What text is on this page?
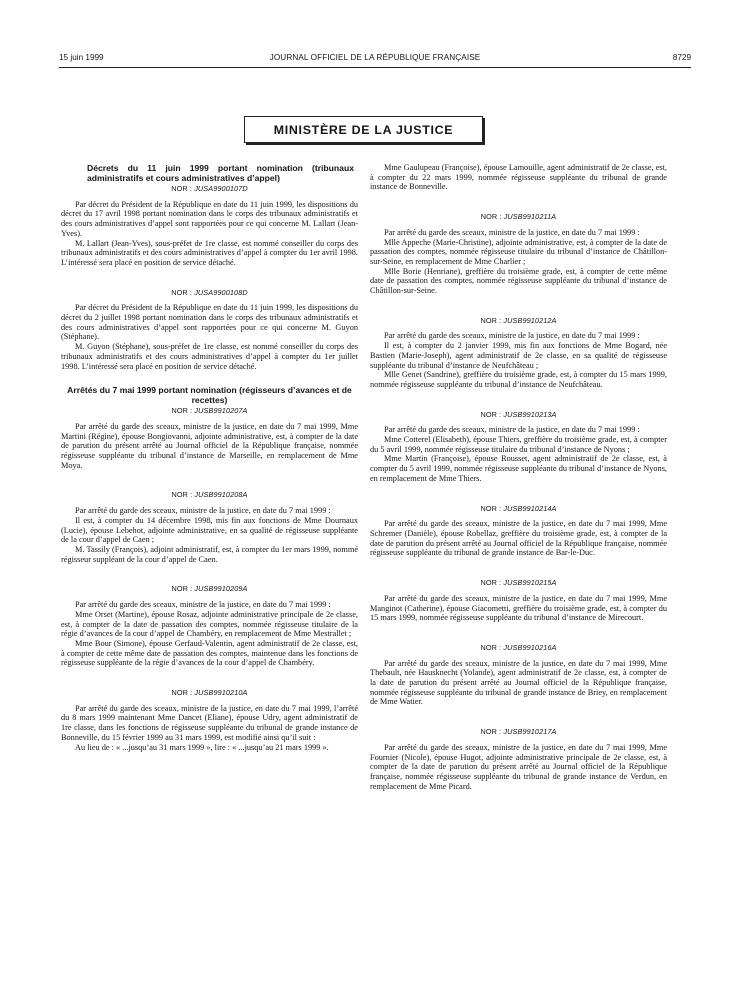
15 juin 1999	JOURNAL OFFICIEL DE LA RÉPUBLIQUE FRANÇAISE	8729
MINISTÈRE DE LA JUSTICE
Décrets du 11 juin 1999 portant nomination (tribunaux administratifs et cours administratives d’appel)
NOR : JUSA9900107D

Par décret du Président de la République en date du 11 juin 1999, les dispositions du décret du 17 avril 1998 portant nomination dans le corps des tribunaux administratifs et des cours administratives d’appel sont rapportées pour ce qui concerne M. Lallart (Jean-Yves).

M. Lallart (Jean-Yves), sous-préfet de 1re classe, est nommé conseiller du corps des tribunaux administratifs et des cours administratives d’appel à compter du 1er avril 1998. L’intéressé sera placé en position de service détaché.

NOR : JUSA9900108D

Par décret du Président de la République en date du 11 juin 1999, les dispositions du décret du 2 juillet 1998 portant nomination dans le corps des tribunaux administratifs et des cours administratives d’appel sont rapportées pour ce qui concerne M. Guyon (Stéphane).

M. Guyon (Stéphane), sous-préfet de 1re classe, est nommé conseiller du corps des tribunaux administratifs et des cours administratives d’appel à compter du 1er juillet 1998. L’intéressé sera placé en position de service détaché.

Arrêtés du 7 mai 1999 portant nomination (régisseurs d’avances et de recettes)
NOR : JUSB9910207A

Par arrêté du garde des sceaux, ministre de la justice, en date du 7 mai 1999, Mme Martini (Régine), épouse Bongiovanni, adjointe administrative, est, à compter de la date de parution du présent arrêté au Journal officiel de la République française, nommée régisseuse suppléante du tribunal d’instance de Marseille, en remplacement de Mme Moya.

NOR : JUSB9910208A

Par arrêté du garde des sceaux, ministre de la justice, en date du 7 mai 1999 :

Il est, à compter du 14 décembre 1998, mis fin aux fonctions de Mme Dournaux (Lucie), épouse Lebehot, adjointe administrative, en sa qualité de régisseuse suppléante de la cour d’appel de Caen ;

M. Tassily (François), adjoint administratif, est, à compter du 1er mars 1999, nommé régisseur suppléant de la cour d’appel de Caen.

NOR : JUSB9910209A

Par arrêté du garde des sceaux, ministre de la justice, en date du 7 mai 1999 :

Mme Orset (Martine), épouse Rosaz, adjointe administrative principale de 2e classe, est, à compter de la date de passation des comptes, nommée régisseuse titulaire de la régie d’avances de la cour d’appel de Chambéry, en remplacement de Mme Mestrallet ;

Mme Bour (Simone), épouse Gerfaud-Valentin, agent administratif de 2e classe, est, à compter de cette même date de passation des comptes, maintenue dans les fonctions de régisseuse suppléante de la régie d’avances de la cour d’appel de Chambéry.

NOR : JUSB9910210A

Par arrêté du garde des sceaux, ministre de la justice, en date du 7 mai 1999, l’arrêté du 8 mars 1999 maintenant Mme Dancet (Eliane), épouse Udry, agent administratif de 1re classe, dans les fonctions de régisseuse suppléante du tribunal de grande instance de Bonneville, du 15 février 1999 au 31 mars 1999, est modifié ainsi qu’il suit :

Au lieu de : « ...jusqu’au 31 mars 1999 », lire : « ...jusqu’au 21 mars 1999 ».

Mme Gaulupeau (Françoise), épouse Lamouille, agent administratif de 2e classe, est, à compter du 22 mars 1999, nommée régisseuse suppléante du tribunal de grande instance de Bonneville.

NOR : JUSB9910211A

Par arrêté du garde des sceaux, ministre de la justice, en date du 7 mai 1999 :

Mlle Appeche (Marie-Christine), adjointe administrative, est, à compter de la date de passation des comptes, nommée régisseuse titulaire du tribunal d’instance de Châtillon-sur-Seine, en remplacement de Mme Charlier ;

Mlle Borie (Henriane), greffière du troisième grade, est, à compter de cette même date de passation des comptes, nommée régisseuse suppléante du tribunal d’instance de Châtillon-sur-Seine.

NOR : JUSB9910212A

Par arrêté du garde des sceaux, ministre de la justice, en date du 7 mai 1999 :

Il est, à compter du 2 janvier 1999, mis fin aux fonctions de Mme Bogard, née Bastien (Marie-Joseph), agent administratif de 2e classe, en sa qualité de régisseuse suppléante du tribunal d’instance de Neufchâteau ;

Mlle Genet (Sandrine), greffière du troisième grade, est, à compter du 15 mars 1999, nommée régisseuse suppléante du tribunal d’instance de Neufchâteau.

NOR : JUSB9910213A

Par arrêté du garde des sceaux, ministre de la justice, en date du 7 mai 1999 :

Mme Cotterel (Elisabeth), épouse Thiers, greffière du troisième grade, est, à compter du 5 avril 1999, nommée régisseuse titulaire du tribunal d’instance de Nyons ;

Mme Martin (Françoise), épouse Rousset, agent administratif de 2e classe, est, à compter du 5 avril 1999, nommée régisseuse suppléante du tribunal d’instance de Nyons, en remplacement de Mme Thiers.

NOR : JUSB9910214A

Par arrêté du garde des sceaux, ministre de la justice, en date du 7 mai 1999, Mme Schremer (Danièle), épouse Robellaz, greffière du troisième grade, est, à compter de la date de parution du présent arrêté au Journal officiel de la République française, nommée régisseuse suppléante du tribunal de grande instance de Bar-le-Duc.

NOR : JUSB9910215A

Par arrêté du garde des sceaux, ministre de la justice, en date du 7 mai 1999, Mme Manginot (Catherine), épouse Giacometti, greffière du troisième grade, est, à compter du 15 mars 1999, nommée régisseuse suppléante du tribunal d’instance de Mirecourt.

NOR : JUSB9910216A

Par arrêté du garde des sceaux, ministre de la justice, en date du 7 mai 1999, Mme Thebault, née Hausknecht (Yolande), agent administratif de 2e classe, est, à compter de la date de parution du présent arrêté au Journal officiel de la République française, nommée régisseuse suppléante du tribunal de grande instance de Briey, en remplacement de Mme Watier.

NOR : JUSB9910217A

Par arrêté du garde des sceaux, ministre de la justice, en date du 7 mai 1999, Mme Fournier (Nicole), épouse Hugot, adjointe administrative principale de 2e classe, est, à compter de la date de parution du présent arrêté au Journal officiel de la République française, nommée régisseuse suppléante du tribunal de grande instance de Verdun, en remplacement de Mme Picard.
